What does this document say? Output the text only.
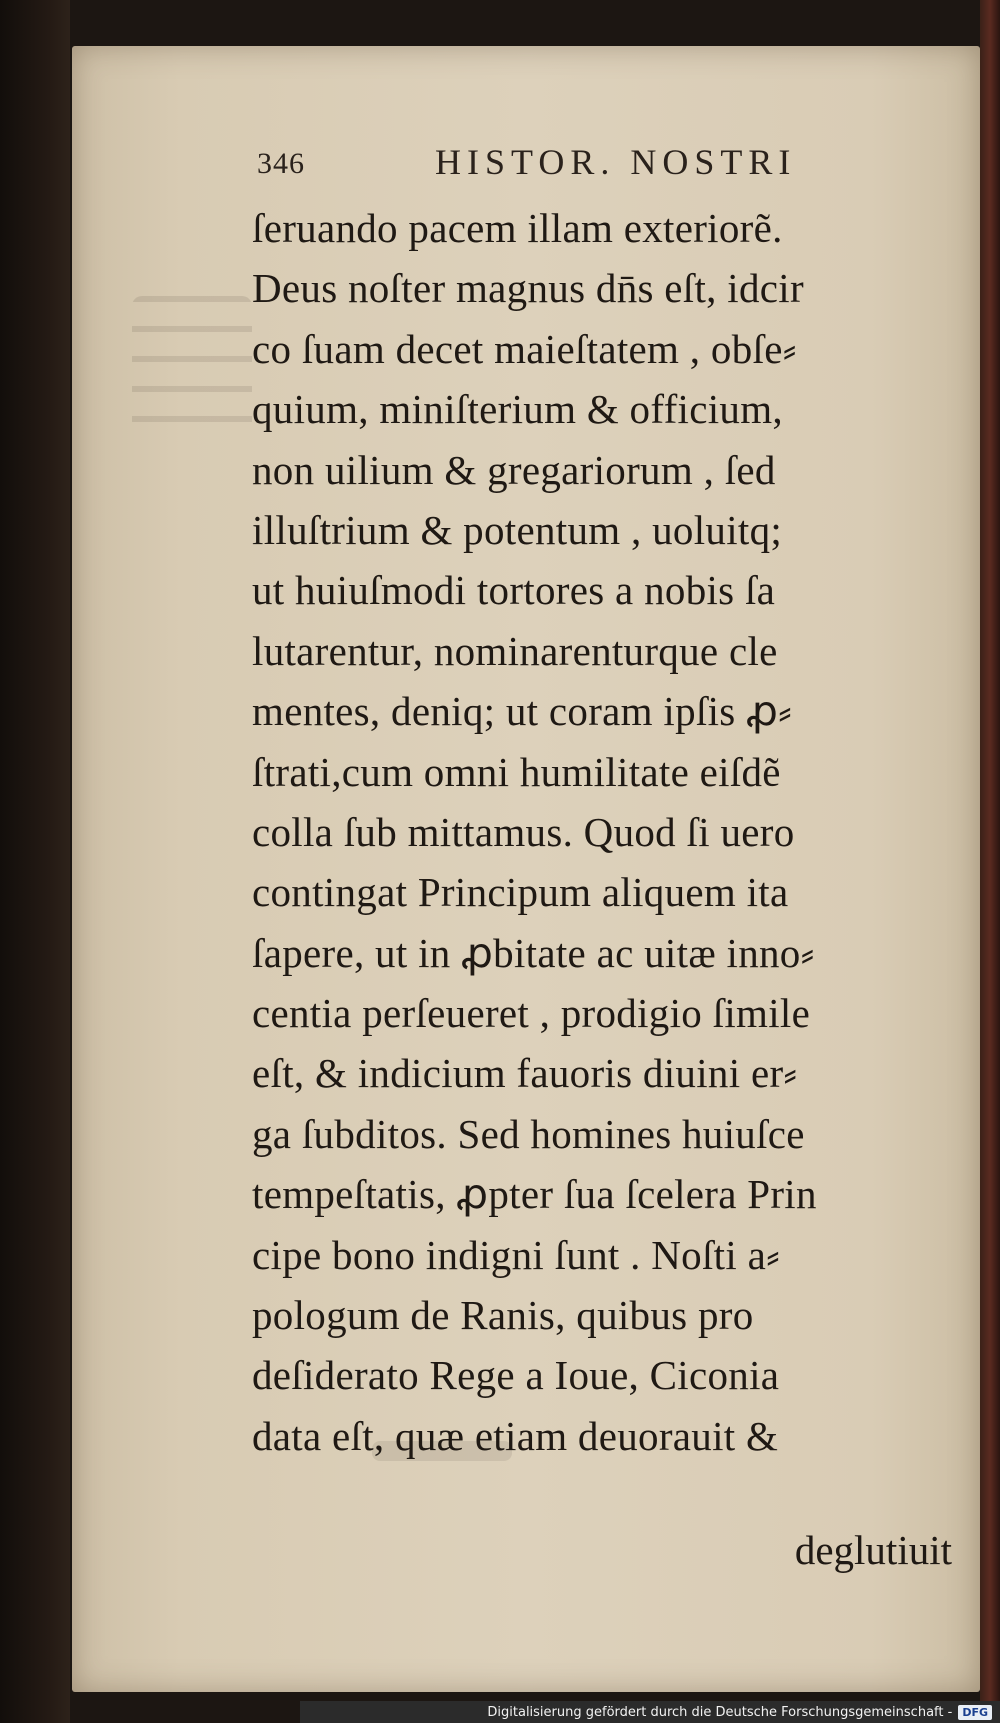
346	HISTOR. NOSTRI
ſeruando pacem illam exteriorẽ.
Deus noſter magnus dn̄s eſt, idcir
co ſuam decet maieſtatem , obſe⸗
quium, miniſterium & officium,
non uilium & gregariorum , ſed
illuſtrium & potentum , uoluitq;
ut huiuſmodi tortores a nobis ſa
lutarentur, nominarenturque cle
mentes, deniq; ut coram ipſis ꝓ⸗
ſtrati,cum omni humilitate eiſdẽ
colla ſub mittamus. Quod ſi uero
contingat Principum aliquem ita
ſapere, ut in ꝓbitate ac uitæ inno⸗
centia perſeueret , prodigio ſimile
eſt, & indicium fauoris diuini er⸗
ga ſubditos. Sed homines huiuſce
tempeſtatis, ꝓpter ſua ſcelera Prin
cipe bono indigni ſunt . Noſti a⸗
pologum de Ranis, quibus pro
deſiderato Rege a Ioue, Ciconia
data eſt, quæ etiam deuorauit &
deglutiuit
Digitalisierung gefördert durch die Deutsche Forschungsgemeinschaft - DFG
